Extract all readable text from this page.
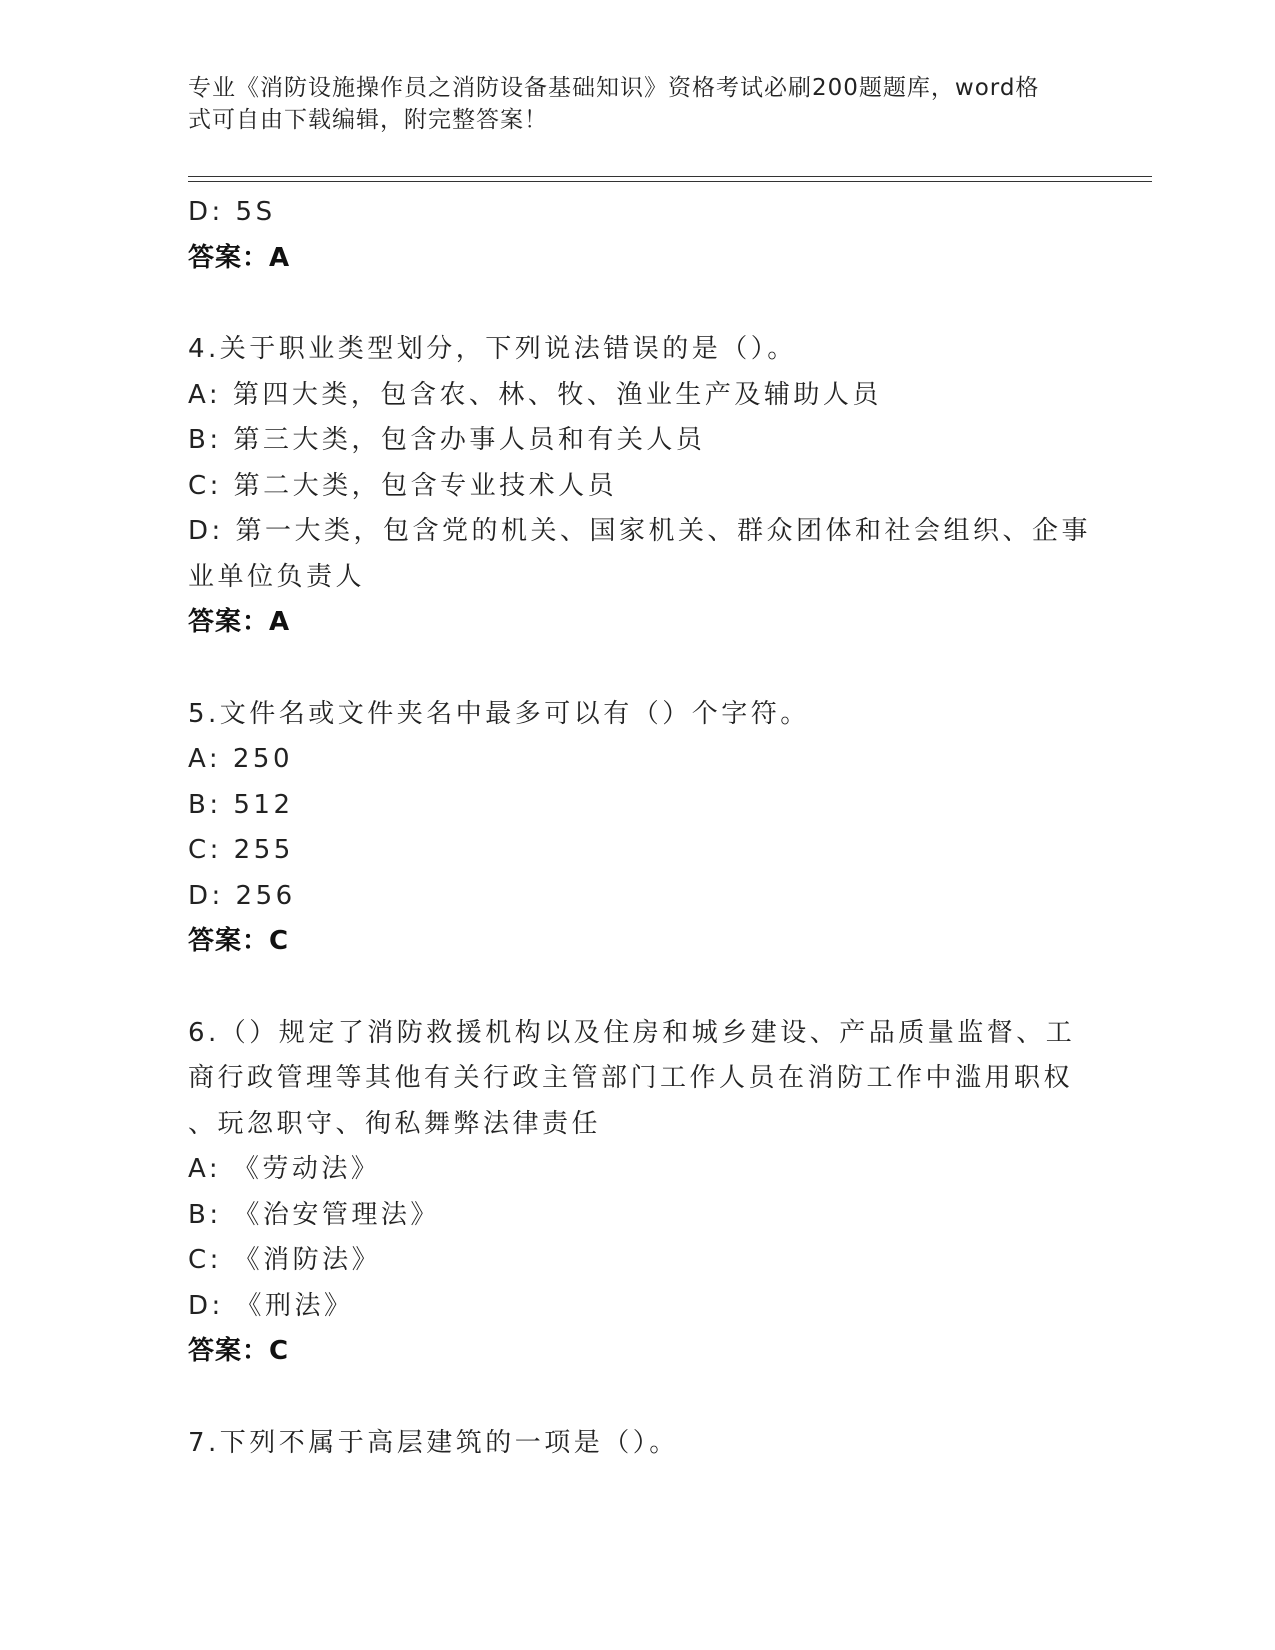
专业《消防设施操作员之消防设备基础知识》资格考试必刷200题题库，word格
式可自由下载编辑，附完整答案！
D: 5S
答案：A
4.关于职业类型划分，下列说法错误的是（）。
A: 第四大类，包含农、林、牧、渔业生产及辅助人员
B: 第三大类，包含办事人员和有关人员
C: 第二大类，包含专业技术人员
D: 第一大类，包含党的机关、国家机关、群众团体和社会组织、企事
业单位负责人
答案：A
5.文件名或文件夹名中最多可以有（）个字符。
A: 250
B: 512
C: 255
D: 256
答案：C
6.（）规定了消防救援机构以及住房和城乡建设、产品质量监督、工
商行政管理等其他有关行政主管部门工作人员在消防工作中滥用职权
、玩忽职守、徇私舞弊法律责任
A: 《劳动法》
B: 《治安管理法》
C: 《消防法》
D: 《刑法》
答案：C
7.下列不属于高层建筑的一项是（）。
